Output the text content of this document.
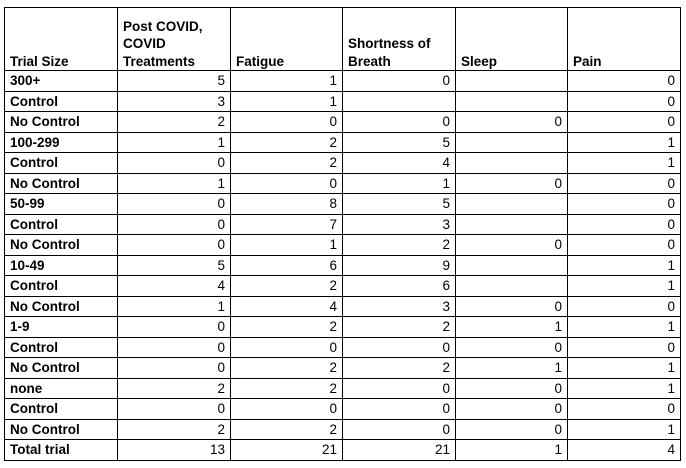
Trial Size	Post COVID, COVID Treatments	Fatigue	Shortness of Breath	Sleep	Pain
300+	5	1	0		0
Control	3	1			0
No Control	2	0	0	0	0
100-299	1	2	5		1
Control	0	2	4		1
No Control	1	0	1	0	0
50-99	0	8	5		0
Control	0	7	3		0
No Control	0	1	2	0	0
10-49	5	6	9		1
Control	4	2	6		1
No Control	1	4	3	0	0
1-9	0	2	2	1	1
Control	0	0	0	0	0
No Control	0	2	2	1	1
none	2	2	0	0	1
Control	0	0	0	0	0
No Control	2	2	0	0	1
Total trial	13	21	21	1	4
